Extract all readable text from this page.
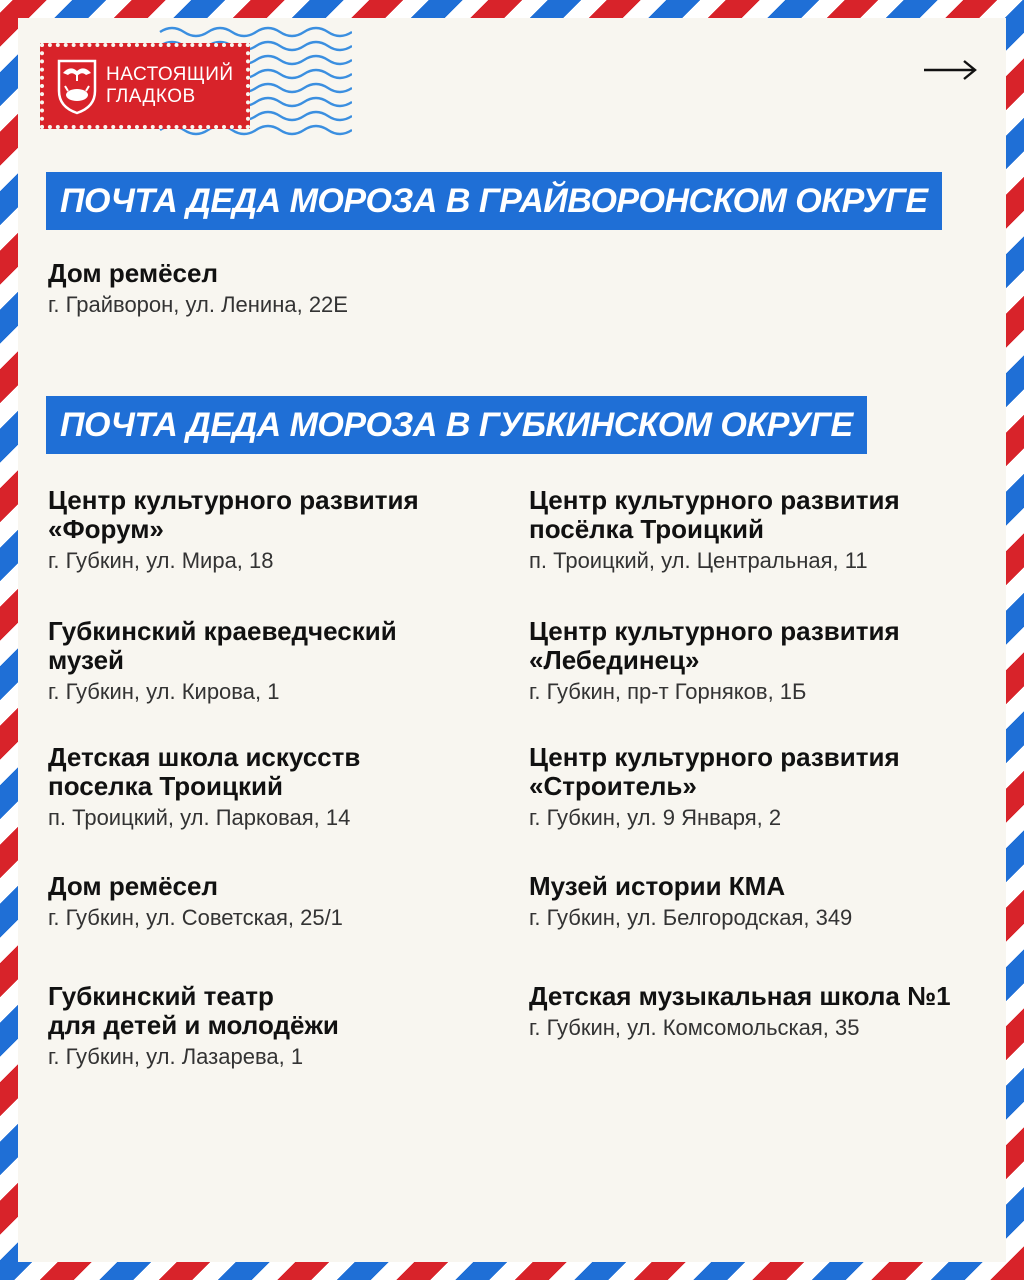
НАСТОЯЩИЙ
ГЛАДКОВ
ПОЧТА ДЕДА МОРОЗА В ГРАЙВОРОНСКОМ ОКРУГЕ
Дом ремёсел
г. Грайворон, ул. Ленина, 22Е
ПОЧТА ДЕДА МОРОЗА В ГУБКИНСКОМ ОКРУГЕ
Центр культурного развития
«Форум»
г. Губкин, ул. Мира, 18
Центр культурного развития
посёлка Троицкий
п. Троицкий, ул. Центральная, 11
Губкинский краеведческий
музей
г. Губкин, ул. Кирова, 1
Центр культурного развития
«Лебединец»
г. Губкин, пр-т Горняков, 1Б
Детская школа искусств
поселка Троицкий
п. Троицкий, ул. Парковая, 14
Центр культурного развития
«Строитель»
г. Губкин, ул. 9 Января, 2
Дом ремёсел
г. Губкин, ул. Советская, 25/1
Музей истории КМА
г. Губкин, ул. Белгородская, 349
Губкинский театр
для детей и молодёжи
г. Губкин, ул. Лазарева, 1
Детская музыкальная школа №1
г. Губкин, ул. Комсомольская, 35
